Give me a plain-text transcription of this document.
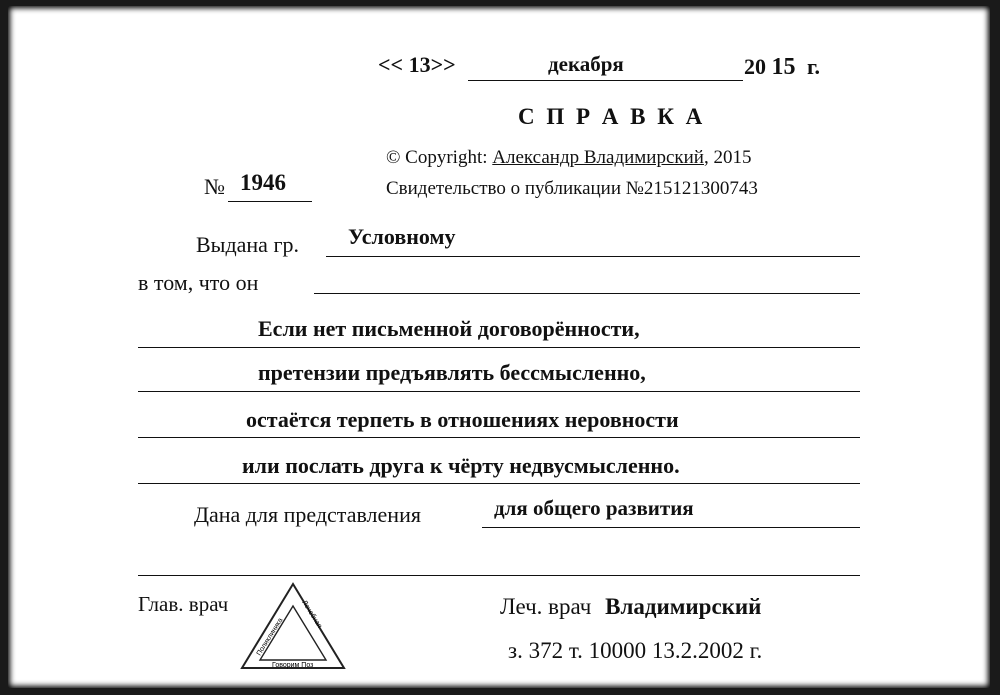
<< 13>>	декабря	20 15 г.
С П Р А В К А
© Copyright: Александр Владимирский, 2015
Свидетельство о публикации №215121300743
№ 1946
Выдана гр. Условному
в том, что он
Если нет письменной договорённости,
претензии предъявлять бессмысленно,
остаётся терпеть в отношениях неровности
или послать друга к чёрту недвусмысленно.
Дана для представления	для общего развития
Глав. врач
Поликлиника
Лечебная
Говорим Поз
Леч. врач Владимирский
з. 372 т. 10000 13.2.2002 г.
